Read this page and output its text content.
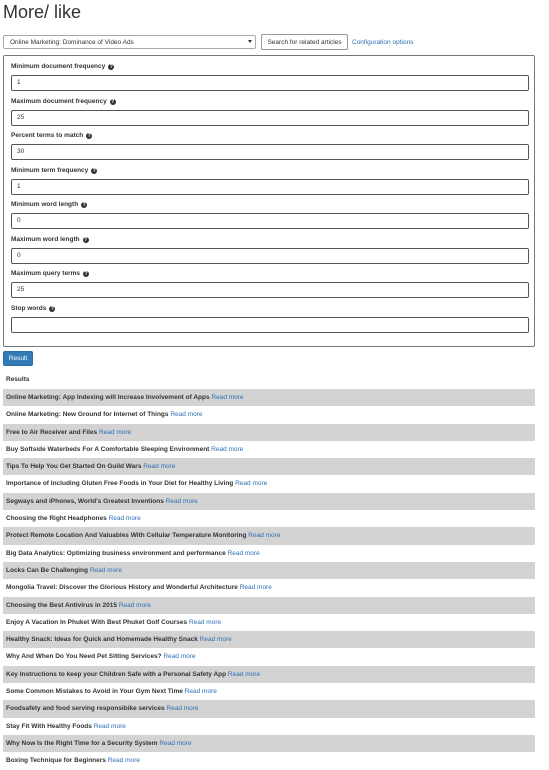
More/ like
Online Marketing: Dominance of Video Ads	Search for related articles	Configuration options
Minimum document frequency ?
1
Maximum document frequency ?
25
Percent terms to match ?
30
Minimum term frequency ?
1
Minimum word length ?
0
Maximum word length ?
0
Maximum query terms ?
25
Stop words ?
Result
Results
Online Marketing: App Indexing will Increase Involvement of Apps Read more
Online Marketing: New Ground for Internet of Things Read more
Free to Air Receiver and Files Read more
Buy Softside Waterbeds For A Comfortable Sleeping Environment Read more
Tips To Help You Get Started On Guild Wars Read more
Importance of Including Gluten Free Foods in Your Diet for Healthy Living Read more
Segways and iPhones, World's Greatest Inventions Read more
Choosing the Right Headphones Read more
Protect Remote Location And Valuables With Cellular Temperature Monitoring Read more
Big Data Analytics: Optimizing business environment and performance Read more
Locks Can Be Challenging Read more
Mongolia Travel: Discover the Glorious History and Wonderful Architecture Read more
Choosing the Best Antivirus in 2015 Read more
Enjoy A Vacation In Phuket With Best Phuket Golf Courses Read more
Healthy Snack: Ideas for Quick and Homemade Healthy Snack Read more
Why And When Do You Need Pet Sitting Services? Read more
Key Instructions to keep your Children Safe with a Personal Safety App Read more
Some Common Mistakes to Avoid in Your Gym Next Time Read more
Foodsafety and food serving responsibike services Read more
Stay Fit With Healthy Foods Read more
Why Now Is the Right Time for a Security System Read more
Boxing Technique for Beginners Read more
